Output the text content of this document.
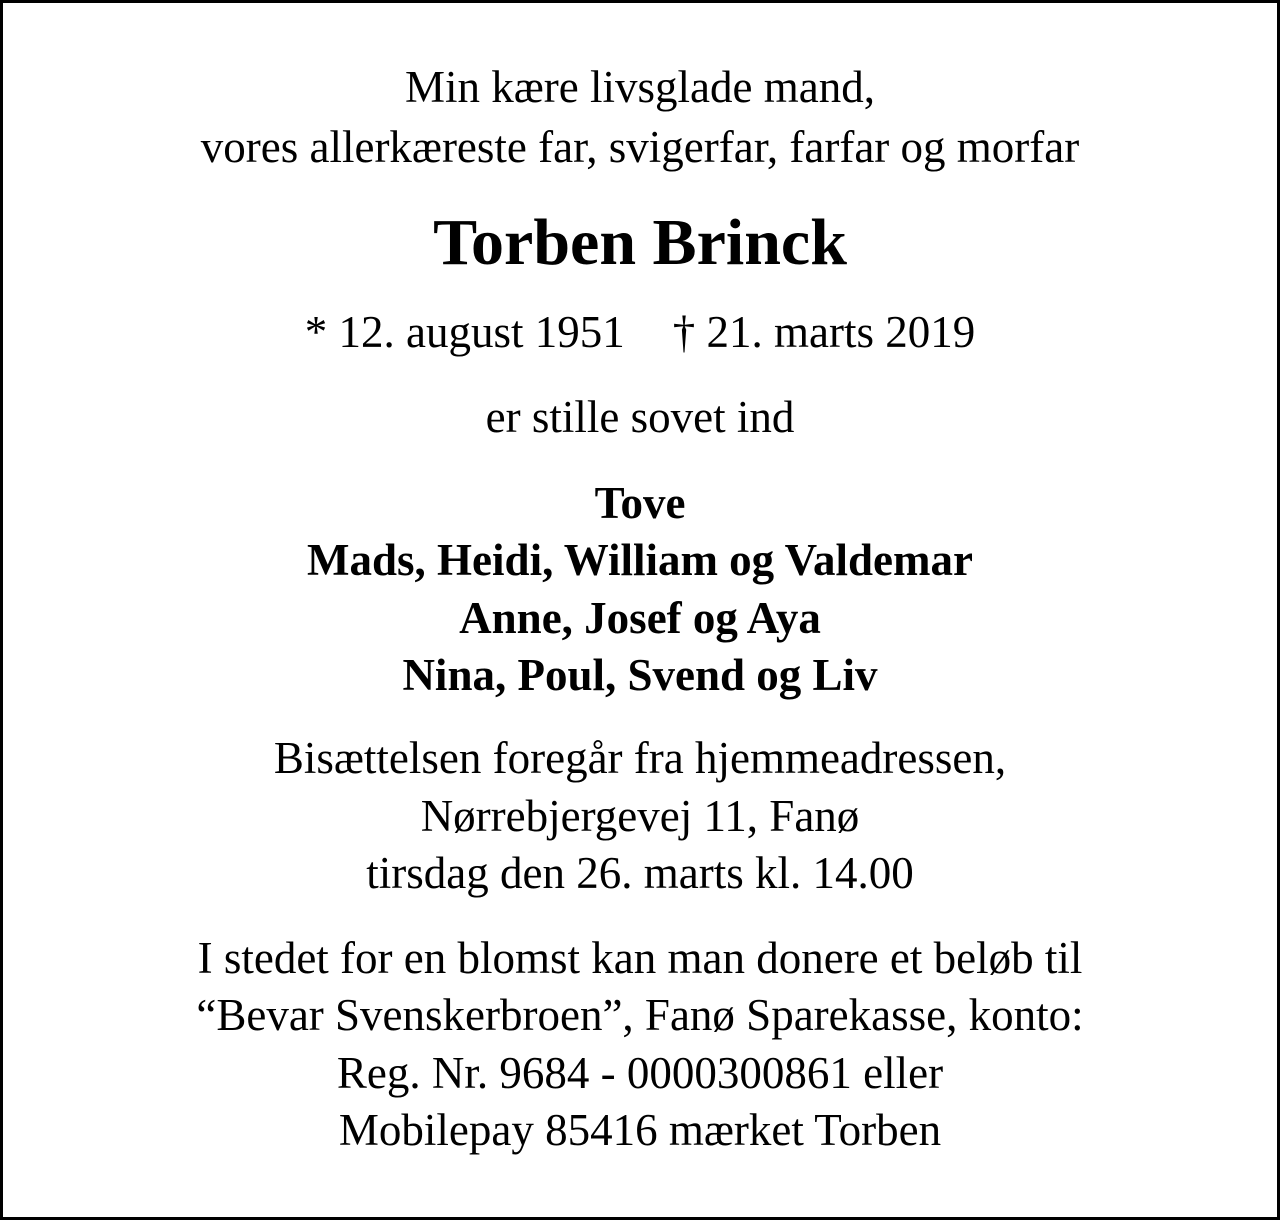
Min kære livsglade mand,
vores allerkæreste far, svigerfar, farfar og morfar
Torben Brinck
* 12. august 1951 † 21. marts 2019
er stille sovet ind
Tove
Mads, Heidi, William og Valdemar
Anne, Josef og Aya
Nina, Poul, Svend og Liv
Bisættelsen foregår fra hjemmeadressen,
Nørrebjergevej 11, Fanø
tirsdag den 26. marts kl. 14.00
I stedet for en blomst kan man donere et beløb til
“Bevar Svenskerbroen”, Fanø Sparekasse, konto:
Reg. Nr. 9684 - 0000300861 eller
Mobilepay 85416 mærket Torben
